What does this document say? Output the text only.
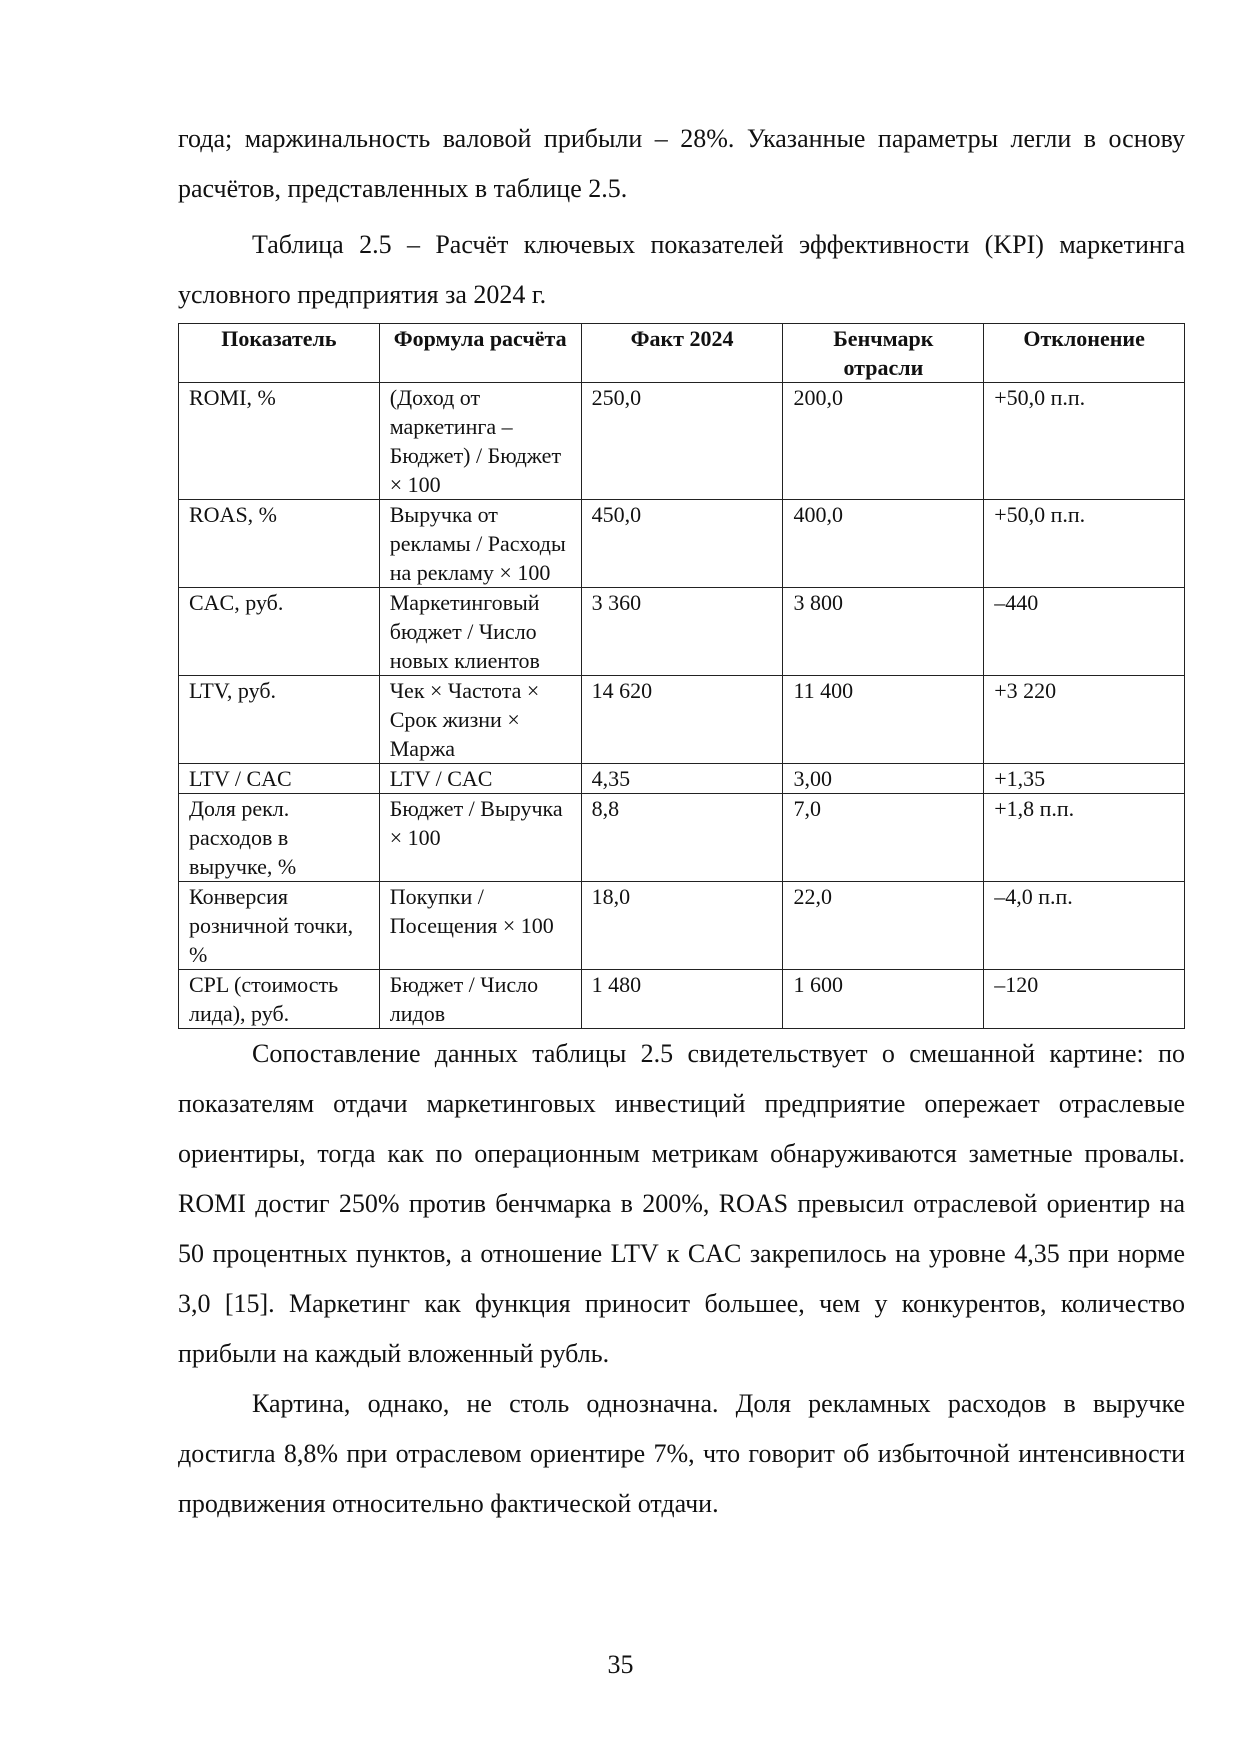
года; маржинальность валовой прибыли – 28%. Указанные параметры легли в основу расчётов, представленных в таблице 2.5.

Таблица 2.5 – Расчёт ключевых показателей эффективности (KPI) маркетинга условного предприятия за 2024 г.

Показатель	Формула расчёта	Факт 2024	Бенчмарк отрасли	Отклонение
ROMI, %	(Доход от маркетинга – Бюджет) / Бюджет × 100	250,0	200,0	+50,0 п.п.
ROAS, %	Выручка от рекламы / Расходы на рекламу × 100	450,0	400,0	+50,0 п.п.
CAC, руб.	Маркетинговый бюджет / Число новых клиентов	3 360	3 800	–440
LTV, руб.	Чек × Частота × Срок жизни × Маржа	14 620	11 400	+3 220
LTV / CAC	LTV / CAC	4,35	3,00	+1,35
Доля рекл. расходов в выручке, %	Бюджет / Выручка × 100	8,8	7,0	+1,8 п.п.
Конверсия розничной точки, %	Покупки / Посещения × 100	18,0	22,0	–4,0 п.п.
CPL (стоимость лида), руб.	Бюджет / Число лидов	1 480	1 600	–120

Сопоставление данных таблицы 2.5 свидетельствует о смешанной картине: по показателям отдачи маркетинговых инвестиций предприятие опережает отраслевые ориентиры, тогда как по операционным метрикам обнаруживаются заметные провалы. ROMI достиг 250% против бенчмарка в 200%, ROAS превысил отраслевой ориентир на 50 процентных пунктов, а отношение LTV к CAC закрепилось на уровне 4,35 при норме 3,0 [15]. Маркетинг как функция приносит большее, чем у конкурентов, количество прибыли на каждый вложенный рубль.

Картина, однако, не столь однозначна. Доля рекламных расходов в выручке достигла 8,8% при отраслевом ориентире 7%, что говорит об избыточной интенсивности продвижения относительно фактической отдачи.

35
